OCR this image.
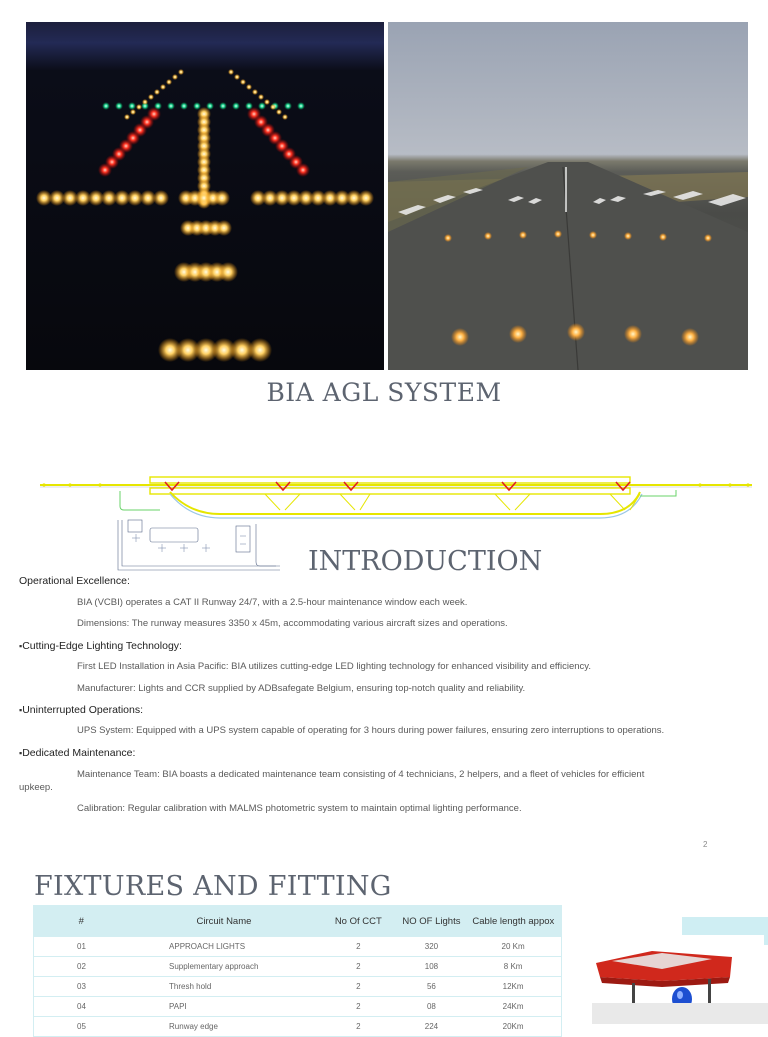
BIA AGL SYSTEM
INTRODUCTION
Operational Excellence:
BIA (VCBI) operates a CAT II Runway 24/7, with a 2.5-hour maintenance window each week.
Dimensions: The runway measures 3350 x 45m, accommodating various aircraft sizes and operations.
▪Cutting-Edge Lighting Technology:
First LED Installation in Asia Pacific: BIA utilizes cutting-edge LED lighting technology for enhanced visibility and efficiency.
Manufacturer: Lights and CCR supplied by ADBsafegate Belgium, ensuring top-notch quality and reliability.
▪Uninterrupted Operations:
UPS System: Equipped with a UPS system capable of operating for 3 hours during power failures, ensuring zero interruptions to operations.
▪Dedicated Maintenance:
Maintenance Team: BIA boasts a dedicated maintenance team consisting of 4 technicians, 2 helpers, and a fleet of vehicles for efficient
upkeep.
Calibration: Regular calibration with MALMS photometric system to maintain optimal lighting performance.
2
FIXTURES AND FITTING
#	Circuit Name	No Of CCT	NO OF Lights	Cable length appox
01	APPROACH LIGHTS	2	320	20 Km
02	Supplementary approach	2	108	8 Km
03	Thresh hold	2	56	12Km
04	PAPI	2	08	24Km
05	Runway edge	2	224	20Km
